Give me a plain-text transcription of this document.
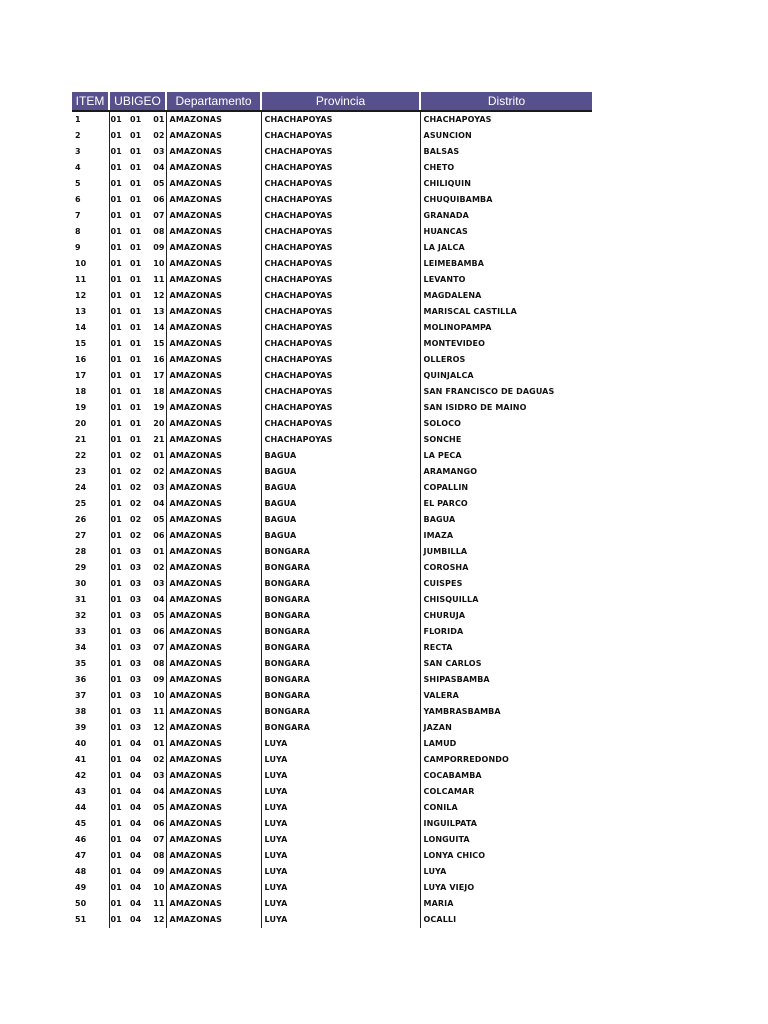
ITEM	UBIGEO			Departamento	Provincia	Distrito
1	01	01	01	AMAZONAS	CHACHAPOYAS	CHACHAPOYAS
2	01	01	02	AMAZONAS	CHACHAPOYAS	ASUNCION
3	01	01	03	AMAZONAS	CHACHAPOYAS	BALSAS
4	01	01	04	AMAZONAS	CHACHAPOYAS	CHETO
5	01	01	05	AMAZONAS	CHACHAPOYAS	CHILIQUIN
6	01	01	06	AMAZONAS	CHACHAPOYAS	CHUQUIBAMBA
7	01	01	07	AMAZONAS	CHACHAPOYAS	GRANADA
8	01	01	08	AMAZONAS	CHACHAPOYAS	HUANCAS
9	01	01	09	AMAZONAS	CHACHAPOYAS	LA JALCA
10	01	01	10	AMAZONAS	CHACHAPOYAS	LEIMEBAMBA
11	01	01	11	AMAZONAS	CHACHAPOYAS	LEVANTO
12	01	01	12	AMAZONAS	CHACHAPOYAS	MAGDALENA
13	01	01	13	AMAZONAS	CHACHAPOYAS	MARISCAL CASTILLA
14	01	01	14	AMAZONAS	CHACHAPOYAS	MOLINOPAMPA
15	01	01	15	AMAZONAS	CHACHAPOYAS	MONTEVIDEO
16	01	01	16	AMAZONAS	CHACHAPOYAS	OLLEROS
17	01	01	17	AMAZONAS	CHACHAPOYAS	QUINJALCA
18	01	01	18	AMAZONAS	CHACHAPOYAS	SAN FRANCISCO DE DAGUAS
19	01	01	19	AMAZONAS	CHACHAPOYAS	SAN ISIDRO DE MAINO
20	01	01	20	AMAZONAS	CHACHAPOYAS	SOLOCO
21	01	01	21	AMAZONAS	CHACHAPOYAS	SONCHE
22	01	02	01	AMAZONAS	BAGUA	LA PECA
23	01	02	02	AMAZONAS	BAGUA	ARAMANGO
24	01	02	03	AMAZONAS	BAGUA	COPALLIN
25	01	02	04	AMAZONAS	BAGUA	EL PARCO
26	01	02	05	AMAZONAS	BAGUA	BAGUA
27	01	02	06	AMAZONAS	BAGUA	IMAZA
28	01	03	01	AMAZONAS	BONGARA	JUMBILLA
29	01	03	02	AMAZONAS	BONGARA	COROSHA
30	01	03	03	AMAZONAS	BONGARA	CUISPES
31	01	03	04	AMAZONAS	BONGARA	CHISQUILLA
32	01	03	05	AMAZONAS	BONGARA	CHURUJA
33	01	03	06	AMAZONAS	BONGARA	FLORIDA
34	01	03	07	AMAZONAS	BONGARA	RECTA
35	01	03	08	AMAZONAS	BONGARA	SAN CARLOS
36	01	03	09	AMAZONAS	BONGARA	SHIPASBAMBA
37	01	03	10	AMAZONAS	BONGARA	VALERA
38	01	03	11	AMAZONAS	BONGARA	YAMBRASBAMBA
39	01	03	12	AMAZONAS	BONGARA	JAZAN
40	01	04	01	AMAZONAS	LUYA	LAMUD
41	01	04	02	AMAZONAS	LUYA	CAMPORREDONDO
42	01	04	03	AMAZONAS	LUYA	COCABAMBA
43	01	04	04	AMAZONAS	LUYA	COLCAMAR
44	01	04	05	AMAZONAS	LUYA	CONILA
45	01	04	06	AMAZONAS	LUYA	INGUILPATA
46	01	04	07	AMAZONAS	LUYA	LONGUITA
47	01	04	08	AMAZONAS	LUYA	LONYA CHICO
48	01	04	09	AMAZONAS	LUYA	LUYA
49	01	04	10	AMAZONAS	LUYA	LUYA VIEJO
50	01	04	11	AMAZONAS	LUYA	MARIA
51	01	04	12	AMAZONAS	LUYA	OCALLI
